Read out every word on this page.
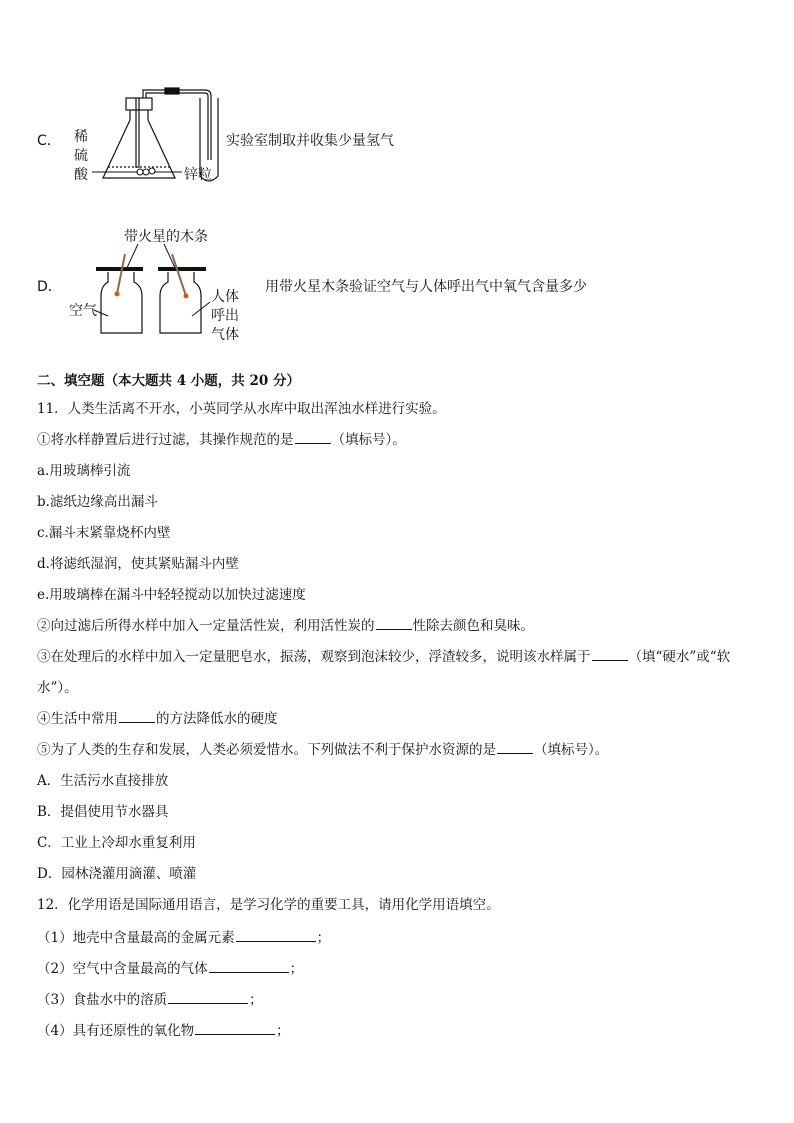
C． 稀
硫
酸	锌粒
实验室制取并收集少量氢气
带火星的木条
D．
空气
人体
呼出
气体
用带火星木条验证空气与人体呼出气中氧气含量多少
二、填空题（本大题共 4 小题，共 20 分）
11．人类生活离不开水，小英同学从水库中取出浑浊水样进行实验。
①将水样静置后进行过滤，其操作规范的是	（填标号）。
a.用玻璃棒引流
b.滤纸边缘高出漏斗
c.漏斗末紧靠烧杯内壁
d.将滤纸湿润，使其紧贴漏斗内壁
e.用玻璃棒在漏斗中轻轻搅动以加快过滤速度
②向过滤后所得水样中加入一定量活性炭，利用活性炭的	性除去颜色和臭味。
③在处理后的水样中加入一定量肥皂水，振荡，观察到泡沫较少，浮渣较多，说明该水样属于	（填“硬水”或“软
水”）。
④生活中常用	的方法降低水的硬度
⑤为了人类的生存和发展，人类必须爱惜水。下列做法不利于保护水资源的是	（填标号）。
A．生活污水直接排放
B．提倡使用节水器具
C．工业上冷却水重复利用
D．园林浇灌用滴灌、喷灌
12．化学用语是国际通用语言，是学习化学的重要工具，请用化学用语填空。
（1）地壳中含量最高的金属元素	；
（2）空气中含量最高的气体	；
（3）食盐水中的溶质	；
（4）具有还原性的氧化物	；
